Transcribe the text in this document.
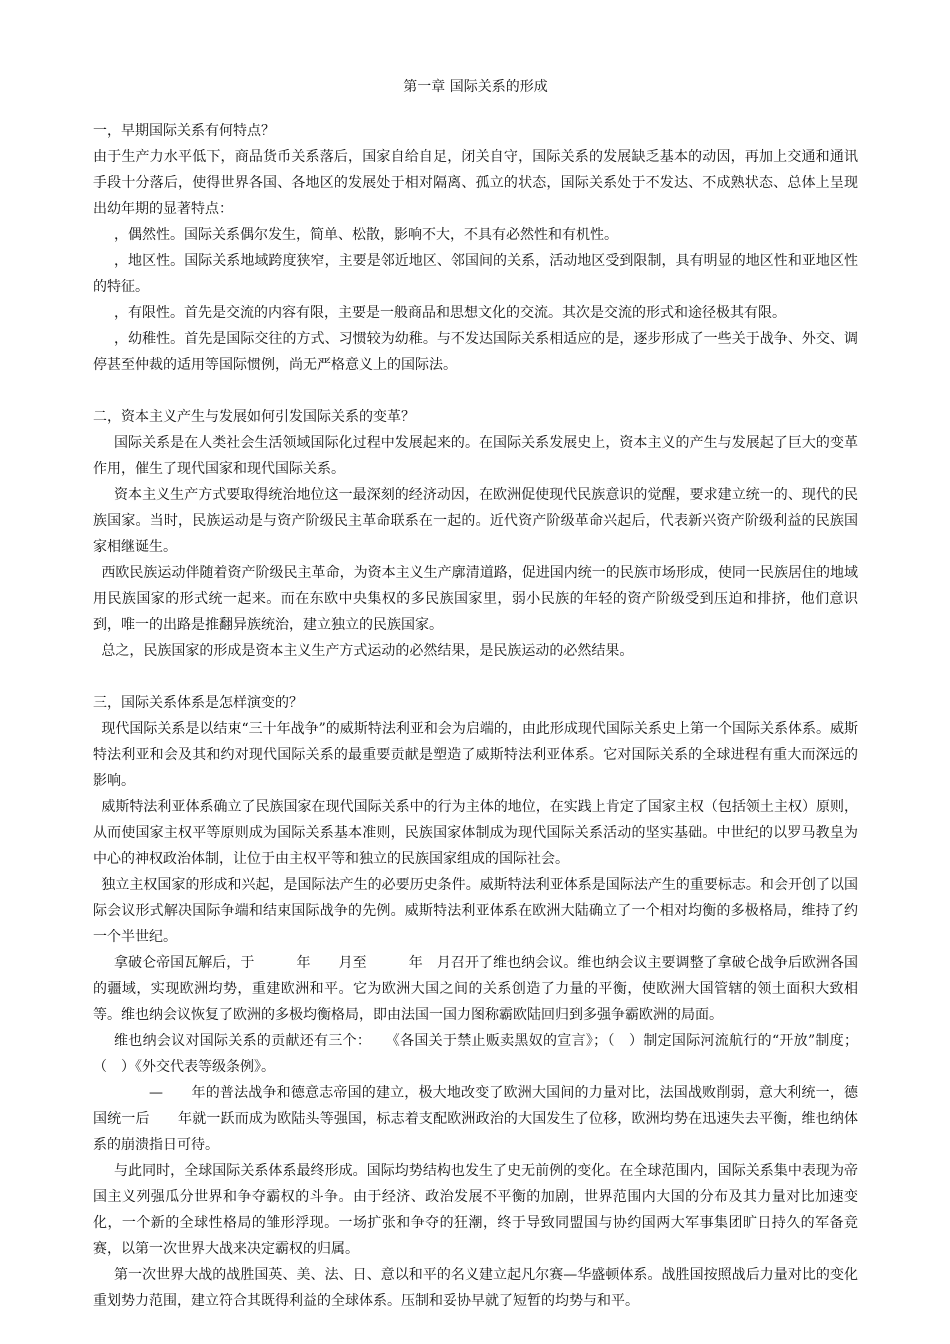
第一章 国际关系的形成

一，早期国际关系有何特点？

由于生产力水平低下，商品货币关系落后，国家自给自足，闭关自守，国际关系的发展缺乏基本的动因，再加上交通和通讯手段十分落后，使得世界各国、各地区的发展处于相对隔离、孤立的状态，国际关系处于不发达、不成熟状态、总体上呈现出幼年期的显著特点：

，偶然性。国际关系偶尔发生，简单、松散，影响不大，不具有必然性和有机性。

，地区性。国际关系地域跨度狭窄，主要是邻近地区、邻国间的关系，活动地区受到限制，具有明显的地区性和亚地区性的特征。

，有限性。首先是交流的内容有限，主要是一般商品和思想文化的交流。其次是交流的形式和途径极其有限。

，幼稚性。首先是国际交往的方式、习惯较为幼稚。与不发达国际关系相适应的是，逐步形成了一些关于战争、外交、调停甚至仲裁的适用等国际惯例，尚无严格意义上的国际法。

二，资本主义产生与发展如何引发国际关系的变革？

国际关系是在人类社会生活领域国际化过程中发展起来的。在国际关系发展史上，资本主义的产生与发展起了巨大的变革作用，催生了现代国家和现代国际关系。

资本主义生产方式要取得统治地位这一最深刻的经济动因，在欧洲促使现代民族意识的觉醒，要求建立统一的、现代的民族国家。当时，民族运动是与资产阶级民主革命联系在一起的。近代资产阶级革命兴起后，代表新兴资产阶级利益的民族国家相继诞生。

西欧民族运动伴随着资产阶级民主革命，为资本主义生产廓清道路，促进国内统一的民族市场形成，使同一民族居住的地域用民族国家的形式统一起来。而在东欧中央集权的多民族国家里，弱小民族的年轻的资产阶级受到压迫和排挤，他们意识到，唯一的出路是推翻异族统治，建立独立的民族国家。

总之，民族国家的形成是资本主义生产方式运动的必然结果，是民族运动的必然结果。

三，国际关系体系是怎样演变的？

现代国际关系是以结束“三十年战争”的威斯特法利亚和会为启端的，由此形成现代国际关系史上第一个国际关系体系。威斯特法利亚和会及其和约对现代国际关系的最重要贡献是塑造了威斯特法利亚体系。它对国际关系的全球进程有重大而深远的影响。

威斯特法利亚体系确立了民族国家在现代国际关系中的行为主体的地位，在实践上肯定了国家主权（包括领土主权）原则，从而使国家主权平等原则成为国际关系基本准则，民族国家体制成为现代国际关系活动的坚实基础。中世纪的以罗马教皇为中心的神权政治体制，让位于由主权平等和独立的民族国家组成的国际社会。

独立主权国家的形成和兴起，是国际法产生的必要历史条件。威斯特法利亚体系是国际法产生的重要标志。和会开创了以国际会议形式解决国际争端和结束国际战争的先例。威斯特法利亚体系在欧洲大陆确立了一个相对均衡的多极格局，维持了约一个半世纪。

拿破仑帝国瓦解后，于　　　年　　月至　　　年　月召开了维也纳会议。维也纳会议主要调整了拿破仑战争后欧洲各国的疆域，实现欧洲均势，重建欧洲和平。它为欧洲大国之间的关系创造了力量的平衡，使欧洲大国管辖的领土面积大致相等。维也纳会议恢复了欧洲的多极均衡格局，即由法国一国力图称霸欧陆回归到多强争霸欧洲的局面。

维也纳会议对国际关系的贡献还有三个：　　《各国关于禁止贩卖黑奴的宣言》；（　）制定国际河流航行的“开放”制度；（　）《外交代表等级条例》。

—　　年的普法战争和德意志帝国的建立，极大地改变了欧洲大国间的力量对比，法国战败削弱，意大利统一，德国统一后　　年就一跃而成为欧陆头等强国，标志着支配欧洲政治的大国发生了位移，欧洲均势在迅速失去平衡，维也纳体系的崩溃指日可待。

与此同时，全球国际关系体系最终形成。国际均势结构也发生了史无前例的变化。在全球范围内，国际关系集中表现为帝国主义列强瓜分世界和争夺霸权的斗争。由于经济、政治发展不平衡的加剧，世界范围内大国的分布及其力量对比加速变化，一个新的全球性格局的雏形浮现。一场扩张和争夺的狂潮，终于导致同盟国与协约国两大军事集团旷日持久的军备竞赛，以第一次世界大战来决定霸权的归属。

第一次世界大战的战胜国英、美、法、日、意以和平的名义建立起凡尔赛—华盛顿体系。战胜国按照战后力量对比的变化重划势力范围，建立符合其既得利益的全球体系。压制和妥协早就了短暂的均势与和平。
